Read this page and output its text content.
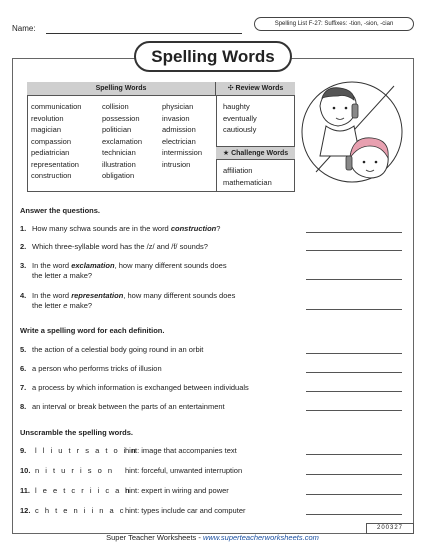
Name:	Spelling List F-27: Suffixes: -tion, -sion, -cian
Spelling Words
Spelling Words	✣ Review Words
★ Challenge Words
communication
revolution
magician
compassion
pediatrician
representation
construction
collision
possession
politician
exclamation
technician
illustration
obligation
physician
invasion
admission
electrician
intermission
intrusion
haughty
eventually
cautiously
affiliation
mathematician
Answer the questions.
1. How many schwa sounds are in the word construction?
2. Which three-syllable word has the /z/ and /f/ sounds?
3. In the word exclamation, how many different sounds does
the letter a make?
4. In the word representation, how many different sounds does
the letter e make?
Write a spelling word for each definition.
5. the action of a celestial body going round in an orbit
6. a person who performs tricks of illusion
7. a process by which information is exchanged between individuals
8. an interval or break between the parts of an entertainment
Unscramble the spelling words.
9. l l i u t r s a t o i n
hint: image that accompanies text
10. n i t u r i s o n	hint: forceful, unwanted interruption
11. l e e t c r i i c a n
hint: expert in wiring and power
12. c h t e n i i n a c hint: types include car and computer
200327
Super Teacher Worksheets - www.superteacherworksheets.com
